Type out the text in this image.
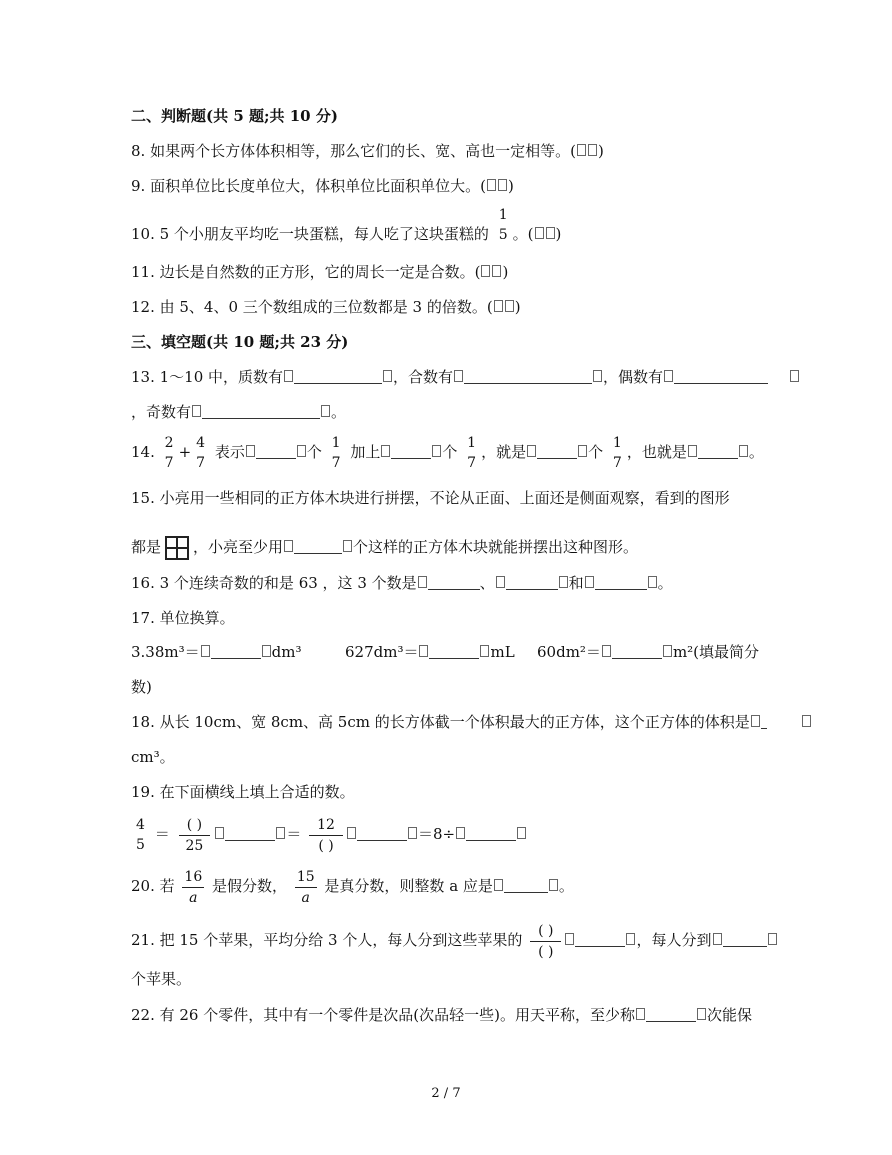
二、判断题(共 5 题;共 10 分)
8. 如果两个长方体体积相等，那么它们的长、宽、高也一定相等。( )
9. 面积单位比长度单位大，体积单位比面积单位大。( )
10. 5 个小朋友平均吃一块蛋糕，每人吃了这块蛋糕的
1
5 。( )
11. 边长是自然数的正方形，它的周长一定是合数。( )
12. 由 5、4、0 三个数组成的三位数都是 3 的倍数。( )
三、填空题(共 10 题;共 23 分)
13. 1～10 中，质数有	，合数有	，偶数有
，奇数有	。
14. 2
7
+ 4
7
表示	个 1
7
加上	个 1
7
，就是	个 1
7
，也就是	。
15. 小亮用一些相同的正方体木块进行拼摆，不论从正面、上面还是侧面观察，看到的图形
都是 ，小亮至少用	个这样的正方体木块就能拼摆出这种图形。
16. 3 个连续奇数的和是 63 ，这 3 个数是	、	和	。
17. 单位换算。
3.38m³＝	dm³	627dm³＝	mL 60dm²＝	m²(填最简分
数)
18. 从长 10cm、宽 8cm、高 5cm 的长方体截一个体积最大的正方体，这个正方体的体积是
cm³。
19. 在下面横线上填上合适的数。
4
5
＝ $\frac{( )}{25}$	＝ $\frac{12}{( )}$	＝8÷
20. 若 $\frac{16}{a}$ 是假分数， $\frac{15}{a}$ 是真分数，则整数 a 应是	。
21. 把 15 个苹果，平均分给 3 个人，每人分到这些苹果的 $\frac{( )}{( )}$	，每人分到
个苹果。
22. 有 26 个零件，其中有一个零件是次品(次品轻一些)。用天平称，至少称	次能保
2 / 7
